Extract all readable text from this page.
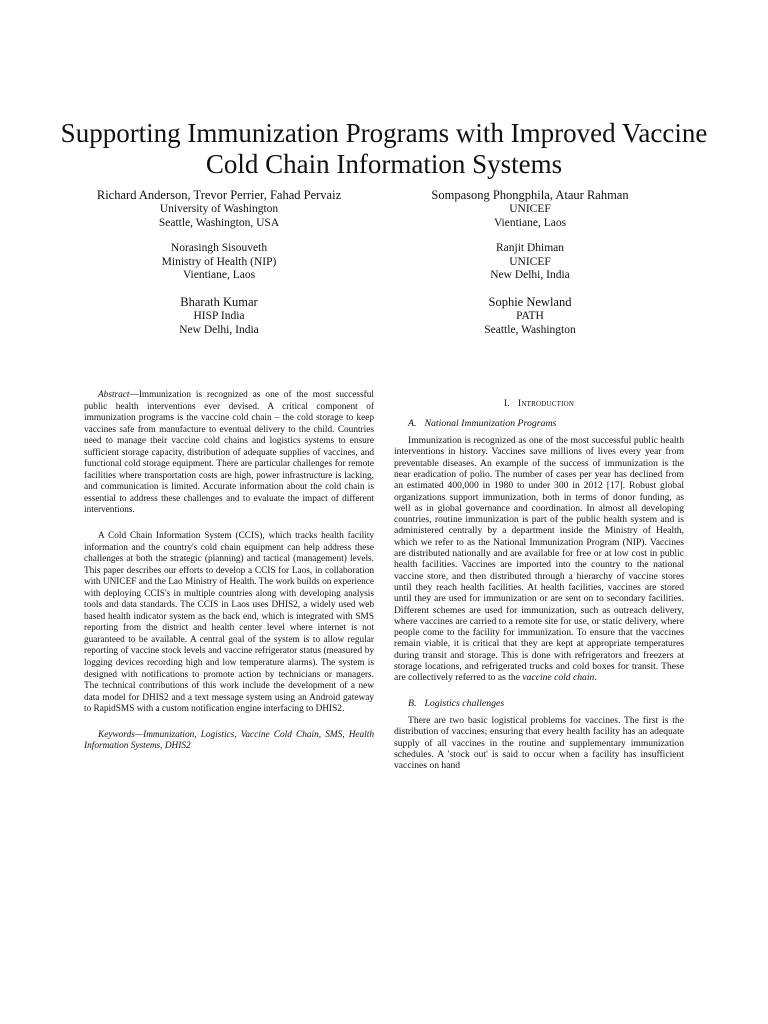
Supporting Immunization Programs with Improved Vaccine Cold Chain Information Systems
Richard Anderson, Trevor Perrier, Fahad Pervaiz
University of Washington
Seattle, Washington, USA
Sompasong Phongphila, Ataur Rahman
UNICEF
Vientiane, Laos
Norasingh Sisouveth
Ministry of Health (NIP)
Vientiane, Laos
Ranjit Dhiman
UNICEF
New Delhi, India
Bharath Kumar
HISP India
New Delhi, India
Sophie Newland
PATH
Seattle, Washington

Abstract—Immunization is recognized as one of the most successful public health interventions ever devised. A critical component of immunization programs is the vaccine cold chain – the cold storage to keep vaccines safe from manufacture to eventual delivery to the child. Countries need to manage their vaccine cold chains and logistics systems to ensure sufficient storage capacity, distribution of adequate supplies of vaccines, and functional cold storage equipment. There are particular challenges for remote facilities where transportation costs are high, power infrastructure is lacking, and communication is limited. Accurate information about the cold chain is essential to address these challenges and to evaluate the impact of different interventions.

A Cold Chain Information System (CCIS), which tracks health facility information and the country's cold chain equipment can help address these challenges at both the strategic (planning) and tactical (management) levels. This paper describes our efforts to develop a CCIS for Laos, in collaboration with UNICEF and the Lao Ministry of Health. The work builds on experience with deploying CCIS's in multiple countries along with developing analysis tools and data standards. The CCIS in Laos uses DHIS2, a widely used web based health indicator system as the back end, which is integrated with SMS reporting from the district and health center level where internet is not guaranteed to be available. A central goal of the system is to allow regular reporting of vaccine stock levels and vaccine refrigerator status (measured by logging devices recording high and low temperature alarms). The system is designed with notifications to promote action by technicians or managers. The technical contributions of this work include the development of a new data model for DHIS2 and a text message system using an Android gateway to RapidSMS with a custom notification engine interfacing to DHIS2.

Keywords—Immunization, Logistics, Vaccine Cold Chain, SMS, Health Information Systems, DHIS2

I. Introduction
A. National Immunization Programs

Immunization is recognized as one of the most successful public health interventions in history. Vaccines save millions of lives every year from preventable diseases. An example of the success of immunization is the near eradication of polio. The number of cases per year has declined from an estimated 400,000 in 1980 to under 300 in 2012 [17]. Robust global organizations support immunization, both in terms of donor funding, as well as in global governance and coordination. In almost all developing countries, routine immunization is part of the public health system and is administered centrally by a department inside the Ministry of Health, which we refer to as the National Immunization Program (NIP). Vaccines are distributed nationally and are available for free or at low cost in public health facilities. Vaccines are imported into the country to the national vaccine store, and then distributed through a hierarchy of vaccine stores until they reach health facilities. At health facilities, vaccines are stored until they are used for immunization or are sent on to secondary facilities. Different schemes are used for immunization, such as outreach delivery, where vaccines are carried to a remote site for use, or static delivery, where people come to the facility for immunization. To ensure that the vaccines remain viable, it is critical that they are kept at appropriate temperatures during transit and storage. This is done with refrigerators and freezers at storage locations, and refrigerated trucks and cold boxes for transit. These are collectively referred to as the vaccine cold chain.

B. Logistics challenges

There are two basic logistical problems for vaccines. The first is the distribution of vaccines; ensuring that every health facility has an adequate supply of all vaccines in the routine and supplementary immunization schedules. A 'stock out' is said to occur when a facility has insufficient vaccines on hand
